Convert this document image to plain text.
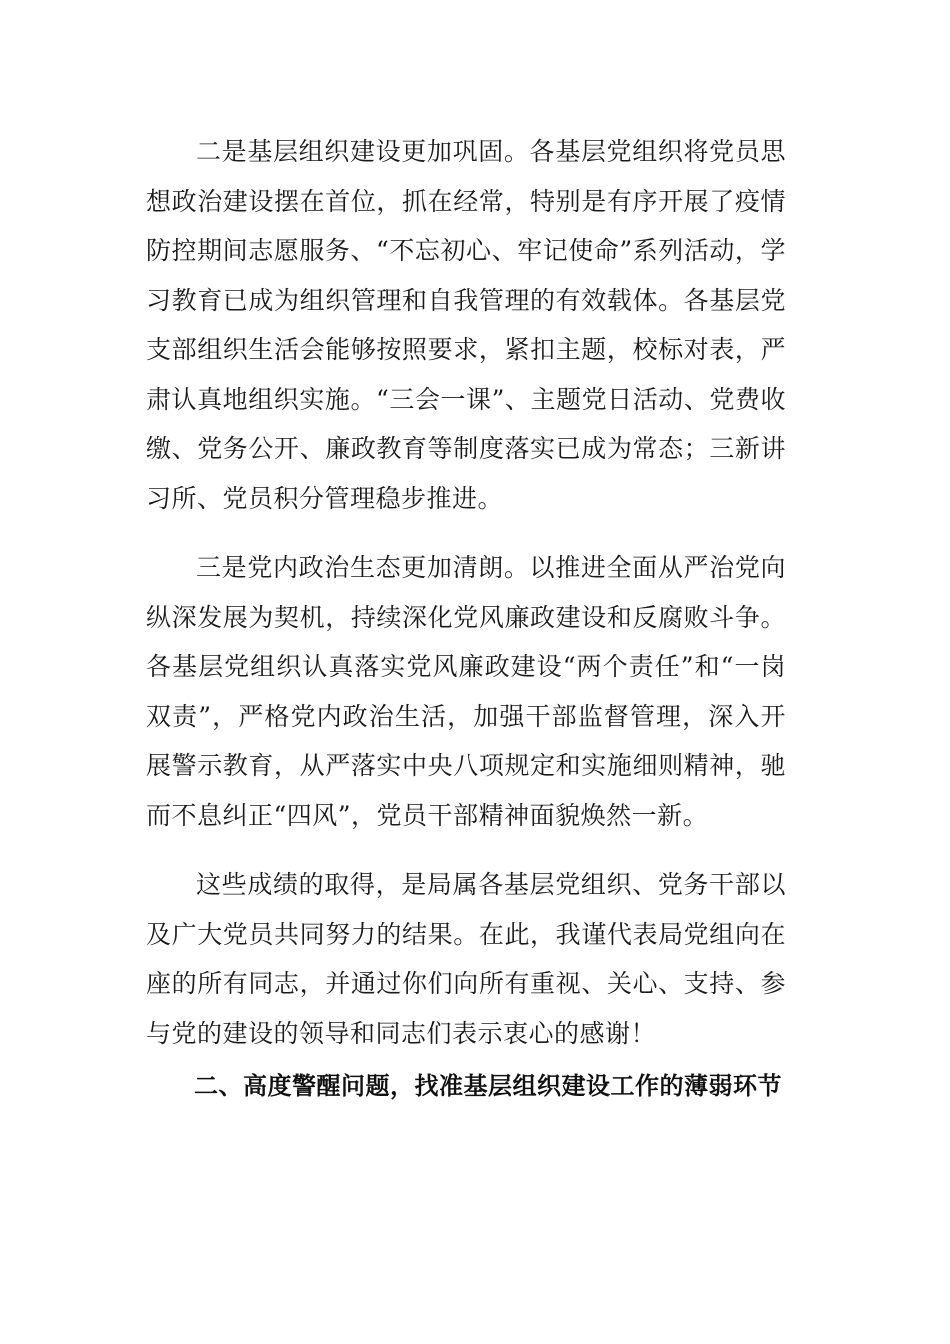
二是基层组织建设更加巩固。各基层党组织将党员思想政治建设摆在首位，抓在经常，特别是有序开展了疫情防控期间志愿服务、“不忘初心、牢记使命”系列活动，学习教育已成为组织管理和自我管理的有效载体。各基层党支部组织生活会能够按照要求，紧扣主题，校标对表，严肃认真地组织实施。“三会一课”、主题党日活动、党费收缴、党务公开、廉政教育等制度落实已成为常态；三新讲习所、党员积分管理稳步推进。

三是党内政治生态更加清朗。以推进全面从严治党向纵深发展为契机，持续深化党风廉政建设和反腐败斗争。各基层党组织认真落实党风廉政建设“两个责任”和“一岗双责”，严格党内政治生活，加强干部监督管理，深入开展警示教育，从严落实中央八项规定和实施细则精神，驰而不息纠正“四风”，党员干部精神面貌焕然一新。

这些成绩的取得，是局属各基层党组织、党务干部以及广大党员共同努力的结果。在此，我谨代表局党组向在座的所有同志，并通过你们向所有重视、关心、支持、参与党的建设的领导和同志们表示衷心的感谢！

二、高度警醒问题，找准基层组织建设工作的薄弱环节
